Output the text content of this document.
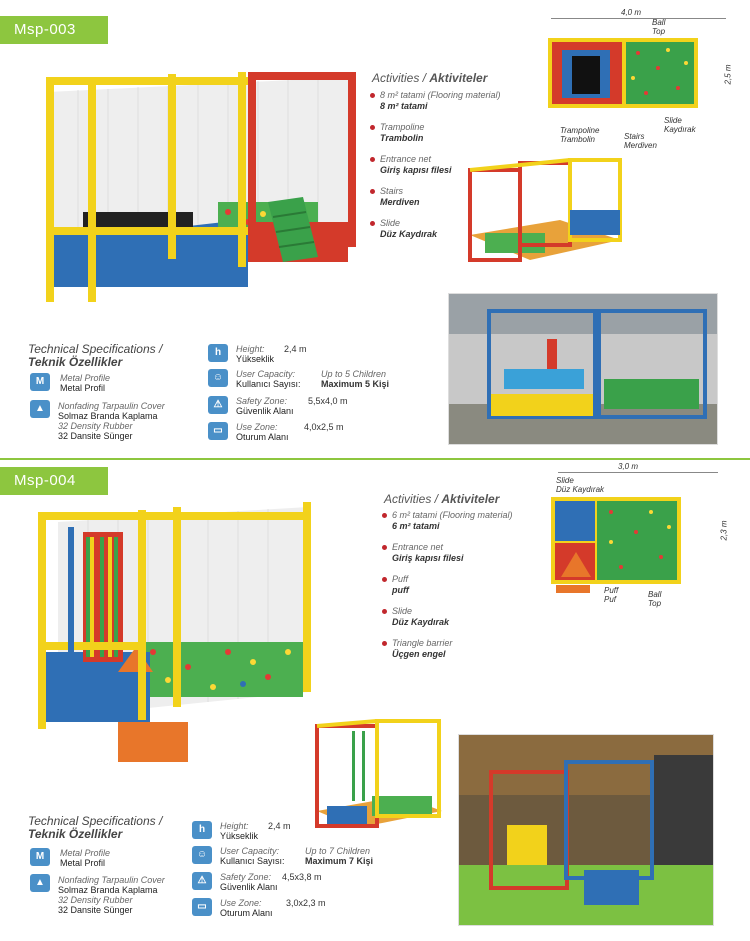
Msp-003
Activities / Aktiviteler
8 m² tatami (Flooring material)
8 m² tatami
Trampoline
Trambolin
Entrance net
Giriş kapısı filesi
Stairs
Merdiven
Slide
Düz Kaydırak
4,0 m
2,5 m
Ball
Top
Slide
Kaydırak
Trampoline
Trambolin	Stairs
Merdiven
Technical Specifications /
Teknik Özellikler
M	Metal Profile
Metal Profil
▲	Nonfading Tarpaulin Cover
Solmaz Branda Kaplama
32 Density Rubber
32 Dansite Sünger
h	Height:
Yükseklik
2,4 m
☺	User Capacity:
Kullanıcı Sayısı:
Up to 5 Children
Maximum 5 Kişi
⚠	Safety Zone:
Güvenlik Alanı
5,5x4,0 m
▭	Use Zone:
Oturum Alanı
4,0x2,5 m
Msp-004
Activities / Aktiviteler
6 m² tatami (Flooring material)
6 m² tatami
Entrance net
Giriş kapısı filesi
Puff
puff
Slide
Düz Kaydırak
Triangle barrier
Üçgen engel
3,0 m
2,3 m
Slide
Düz Kaydırak
Puff
Puf
Ball
Top
Technical Specifications /
Teknik Özellikler
M	Metal Profile
Metal Profil
▲	Nonfading Tarpaulin Cover
Solmaz Branda Kaplama
32 Density Rubber
32 Dansite Sünger
h	Height:
Yükseklik
2,4 m
☺	User Capacity:
Kullanıcı Sayısı:
Up to 7 Children
Maximum 7 Kişi
⚠	Safety Zone:
Güvenlik Alanı
4,5x3,8 m
▭	Use Zone:
Oturum Alanı
3,0x2,3 m
